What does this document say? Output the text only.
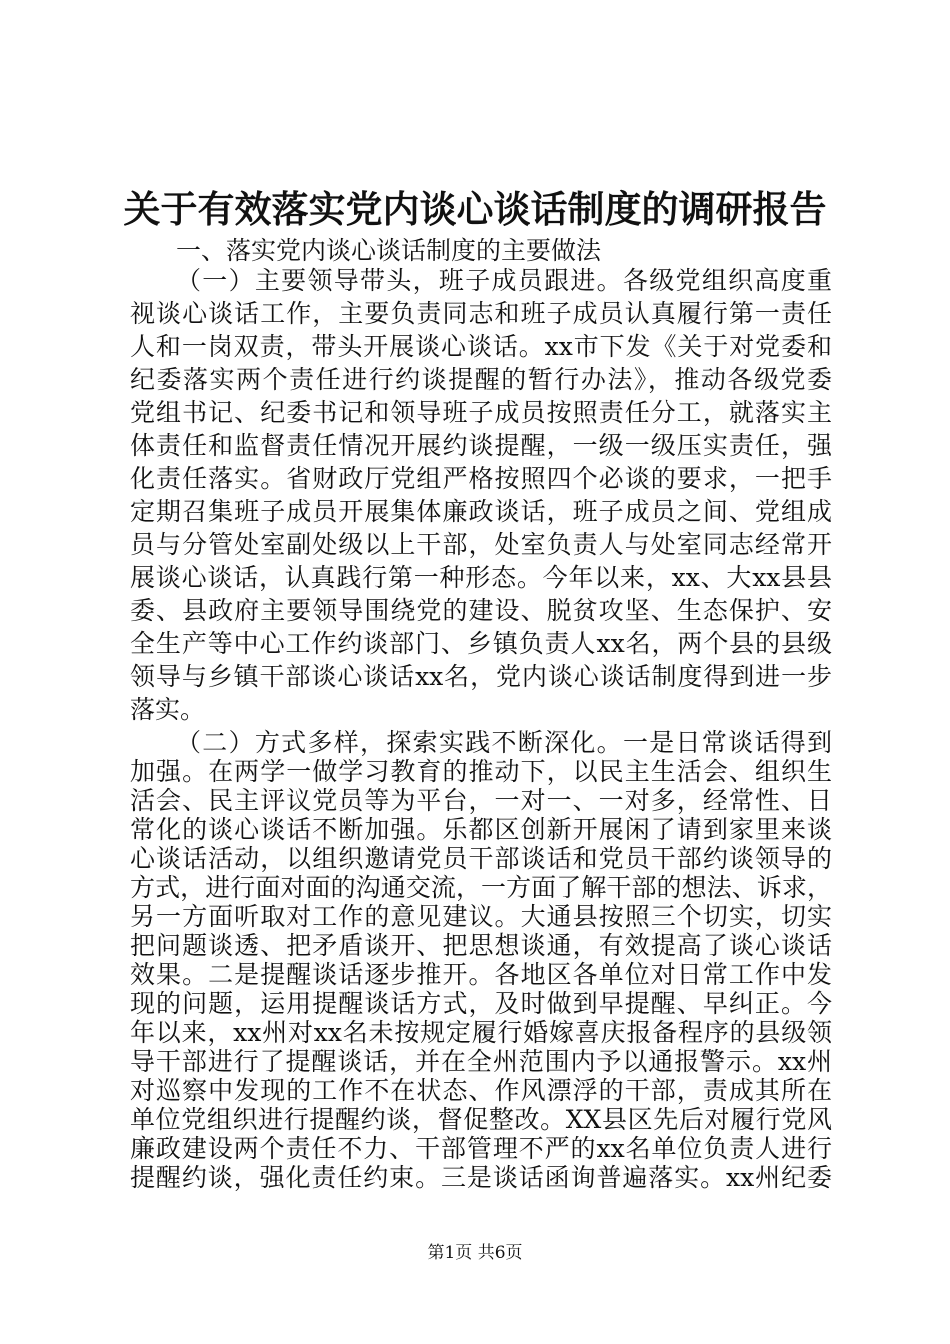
关于有效落实党内谈心谈话制度的调研报告

一、落实党内谈心谈话制度的主要做法

（一）主要领导带头，班子成员跟进。各级党组织高度重

视谈心谈话工作，主要负责同志和班子成员认真履行第一责任

人和一岗双责，带头开展谈心谈话。xx市下发《关于对党委和

纪委落实两个责任进行约谈提醒的暂行办法》，推动各级党委

党组书记、纪委书记和领导班子成员按照责任分工，就落实主

体责任和监督责任情况开展约谈提醒，一级一级压实责任，强

化责任落实。省财政厅党组严格按照四个必谈的要求，一把手

定期召集班子成员开展集体廉政谈话，班子成员之间、党组成

员与分管处室副处级以上干部，处室负责人与处室同志经常开

展谈心谈话，认真践行第一种形态。今年以来，xx、大xx县县

委、县政府主要领导围绕党的建设、脱贫攻坚、生态保护、安

全生产等中心工作约谈部门、乡镇负责人xx名，两个县的县级

领导与乡镇干部谈心谈话xx名，党内谈心谈话制度得到进一步

落实。

（二）方式多样，探索实践不断深化。一是日常谈话得到

加强。在两学一做学习教育的推动下，以民主生活会、组织生

活会、民主评议党员等为平台，一对一、一对多，经常性、日

常化的谈心谈话不断加强。乐都区创新开展闲了请到家里来谈

心谈话活动，以组织邀请党员干部谈话和党员干部约谈领导的

方式，进行面对面的沟通交流，一方面了解干部的想法、诉求，

另一方面听取对工作的意见建议。大通县按照三个切实，切实

把问题谈透、把矛盾谈开、把思想谈通，有效提高了谈心谈话

效果。二是提醒谈话逐步推开。各地区各单位对日常工作中发

现的问题，运用提醒谈话方式，及时做到早提醒、早纠正。今

年以来，xx州对xx名未按规定履行婚嫁喜庆报备程序的县级领

导干部进行了提醒谈话，并在全州范围内予以通报警示。xx州

对巡察中发现的工作不在状态、作风漂浮的干部，责成其所在

单位党组织进行提醒约谈，督促整改。XX县区先后对履行党风

廉政建设两个责任不力、干部管理不严的xx名单位负责人进行

提醒约谈，强化责任约束。三是谈话函询普遍落实。xx州纪委

第1页 共6页
